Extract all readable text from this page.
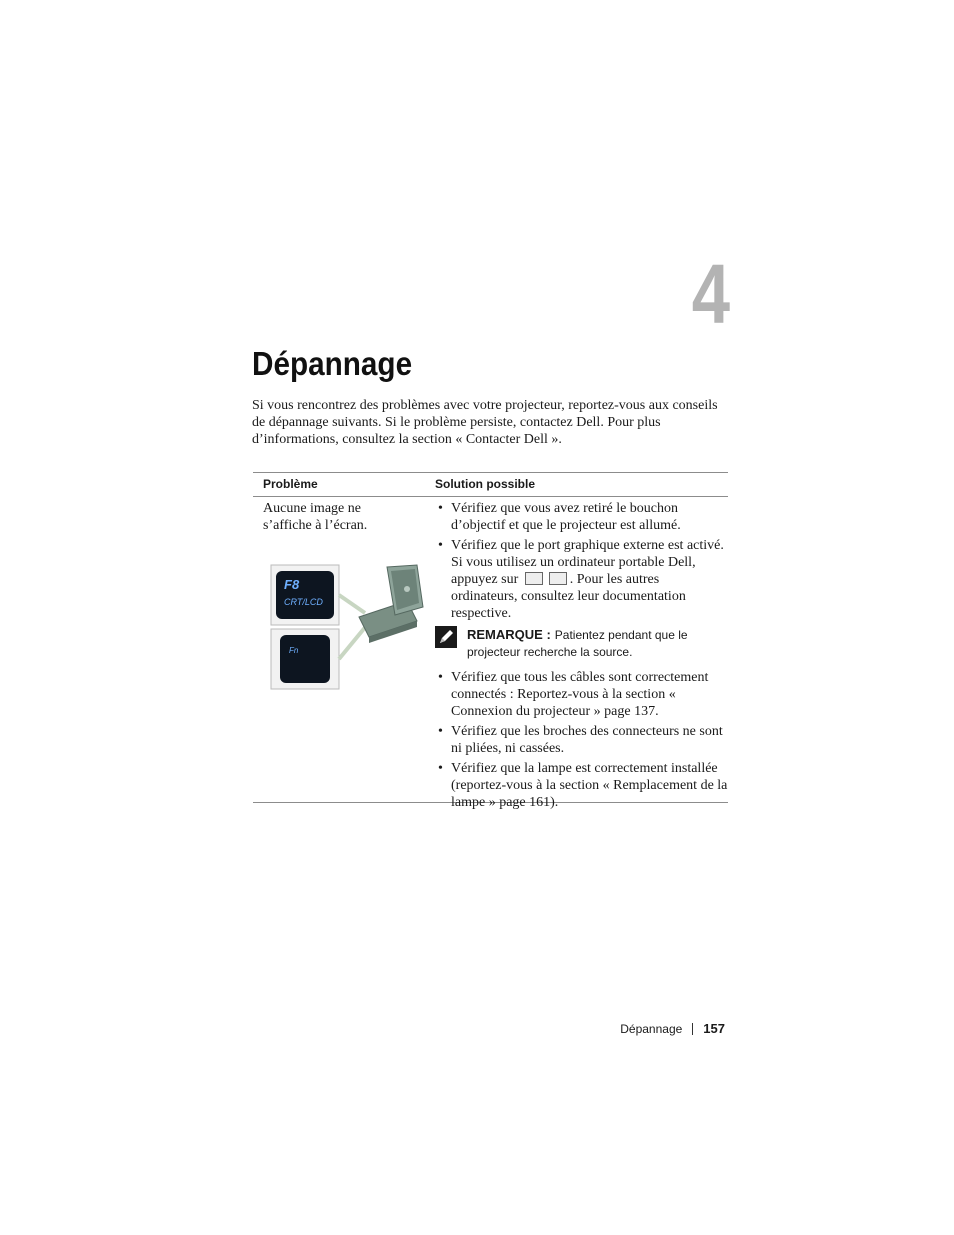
4
Dépannage

Si vous rencontrez des problèmes avec votre projecteur, reportez-vous aux conseils de dépannage suivants. Si le problème persiste, contactez Dell. Pour plus d’informations, consultez la section « Contacter Dell ».

Problème	Solution possible
Aucune image ne s’affiche à l’écran.
F8
CRT/LCD
Fn
• Vérifiez que vous avez retiré le bouchon d’objectif et que le projecteur est allumé.
• Vérifiez que le port graphique externe est activé. Si vous utilisez un ordinateur portable Dell, appuyez sur	. Pour les autres ordinateurs, consultez leur documentation respective.
REMARQUE : Patientez pendant que le projecteur recherche la source.
• Vérifiez que tous les câbles sont correctement connectés : Reportez-vous à la section « Connexion du projecteur » page 137.
• Vérifiez que les broches des connecteurs ne sont ni pliées, ni cassées.
• Vérifiez que la lampe est correctement installée (reportez-vous à la section « Remplacement de la lampe » page 161).
Dépannage 157
